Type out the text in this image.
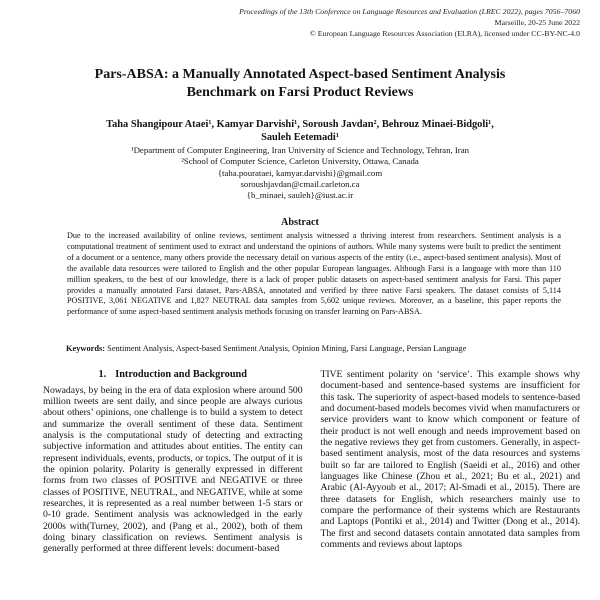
Proceedings of the 13th Conference on Language Resources and Evaluation (LREC 2022), pages 7056–7060
Marseille, 20-25 June 2022
© European Language Resources Association (ELRA), licensed under CC-BY-NC-4.0
Pars-ABSA: a Manually Annotated Aspect-based Sentiment Analysis
Benchmark on Farsi Product Reviews
Taha Shangipour Ataei¹, Kamyar Darvishi¹, Soroush Javdan², Behrouz Minaei-Bidgoli¹,
Sauleh Eetemadi¹
¹Department of Computer Engineering, Iran University of Science and Technology, Tehran, Iran
²School of Computer Science, Carleton University, Ottawa, Canada
{taha.pourataei, kamyar.darvishi}@gmail.com
soroushjavdan@cmail.carleton.ca
{b_minaei, sauleh}@iust.ac.ir
Abstract
Due to the increased availability of online reviews, sentiment analysis witnessed a thriving interest from researchers. Sentiment analysis is a computational treatment of sentiment used to extract and understand the opinions of authors. While many systems were built to predict the sentiment of a document or a sentence, many others provide the necessary detail on various aspects of the entity (i.e., aspect-based sentiment analysis). Most of the available data resources were tailored to English and the other popular European languages. Although Farsi is a language with more than 110 million speakers, to the best of our knowledge, there is a lack of proper public datasets on aspect-based sentiment analysis for Farsi. This paper provides a manually annotated Farsi dataset, Pars-ABSA, annotated and verified by three native Farsi speakers. The dataset consists of 5,114 POSITIVE, 3,061 NEGATIVE and 1,827 NEUTRAL data samples from 5,602 unique reviews. Moreover, as a baseline, this paper reports the performance of some aspect-based sentiment analysis methods focusing on transfer learning on Pars-ABSA.
Keywords: Sentiment Analysis, Aspect-based Sentiment Analysis, Opinion Mining, Farsi Language, Persian Language
1. Introduction and Background
Nowadays, by being in the era of data explosion where around 500 million tweets are sent daily, and since people are always curious about others’ opinions, one challenge is to build a system to detect and summarize the overall sentiment of these data. Sentiment analysis is the computational study of detecting and extracting subjective information and attitudes about entities. The entity can represent individuals, events, products, or topics. The output of it is the opinion polarity. Polarity is generally expressed in different forms from two classes of POSITIVE and NEGATIVE or three classes of POSITIVE, NEUTRAL, and NEGATIVE, while at some researches, it is represented as a real number between 1-5 stars or 0-10 grade. Sentiment analysis was acknowledged in the early 2000s with(Turney, 2002), and (Pang et al., 2002), both of them doing binary classification on reviews. Sentiment analysis is generally performed at three different levels: document-based
TIVE sentiment polarity on ‘service’. This example shows why document-based and sentence-based systems are insufficient for this task. The superiority of aspect-based models to sentence-based and document-based models becomes vivid when manufacturers or service providers want to know which component or feature of their product is not well enough and needs improvement based on the negative reviews they get from customers. Generally, in aspect-based sentiment analysis, most of the data resources and systems built so far are tailored to English (Saeidi et al., 2016) and other languages like Chinese (Zhou et al., 2021; Bu et al., 2021) and Arabic (Al-Ayyoub et al., 2017; Al-Smadi et al., 2015). There are three datasets for English, which researchers mainly use to compare the performance of their systems which are Restaurants and Laptops (Pontiki et al., 2014) and Twitter (Dong et al., 2014). The first and second datasets contain annotated data samples from comments and reviews about laptops
